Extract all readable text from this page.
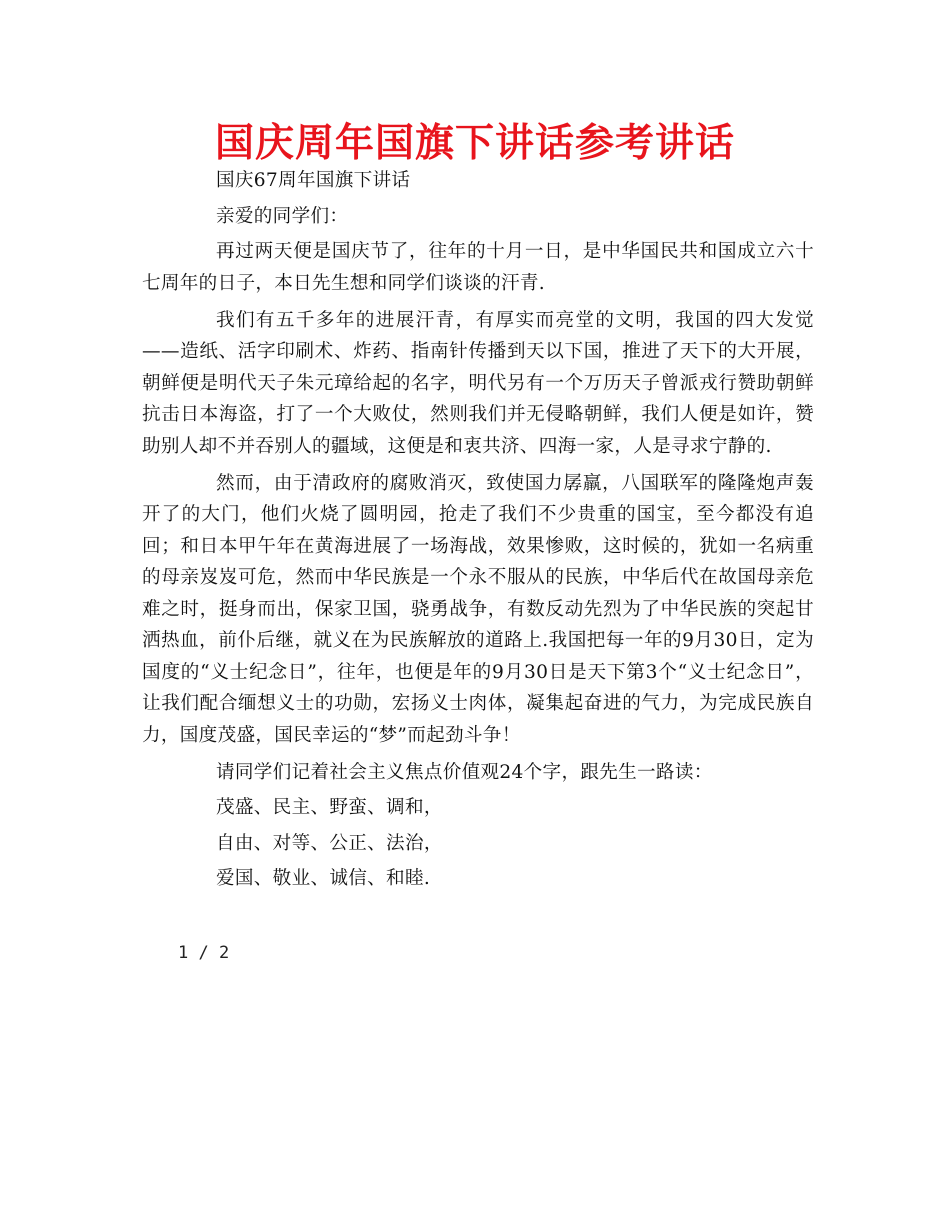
国庆周年国旗下讲话参考讲话

国庆67周年国旗下讲话

亲爱的同学们：

再过两天便是国庆节了，往年的十月一日，是中华国民共和国成立六十七周年的日子，本日先生想和同学们谈谈的汗青.

我们有五千多年的进展汗青，有厚实而亮堂的文明，我国的四大发觉——造纸、活字印刷术、炸药、指南针传播到天以下国，推进了天下的大开展，朝鲜便是明代天子朱元璋给起的名字，明代另有一个万历天子曾派戎行赞助朝鲜抗击日本海盗，打了一个大败仗，然则我们并无侵略朝鲜，我们人便是如许，赞助别人却不并吞别人的疆域，这便是和衷共济、四海一家，人是寻求宁静的.

然而，由于清政府的腐败消灭，致使国力孱羸，八国联军的隆隆炮声轰开了的大门，他们火烧了圆明园，抢走了我们不少贵重的国宝，至今都没有追回；和日本甲午年在黄海进展了一场海战，效果惨败，这时候的，犹如一名病重的母亲岌岌可危，然而中华民族是一个永不服从的民族，中华后代在故国母亲危难之时，挺身而出，保家卫国，骁勇战争，有数反动先烈为了中华民族的突起甘洒热血，前仆后继，就义在为民族解放的道路上.我国把每一年的9月30日，定为国度的“义士纪念日”，往年，也便是年的9月30日是天下第3个“义士纪念日”，让我们配合缅想义士的功勋，宏扬义士肉体，凝集起奋进的气力，为完成民族自力，国度茂盛，国民幸运的“梦”而起劲斗争！

请同学们记着社会主义焦点价值观24个字，跟先生一路读：

茂盛、民主、野蛮、调和，

自由、对等、公正、法治，

爱国、敬业、诚信、和睦.

1 / 2
